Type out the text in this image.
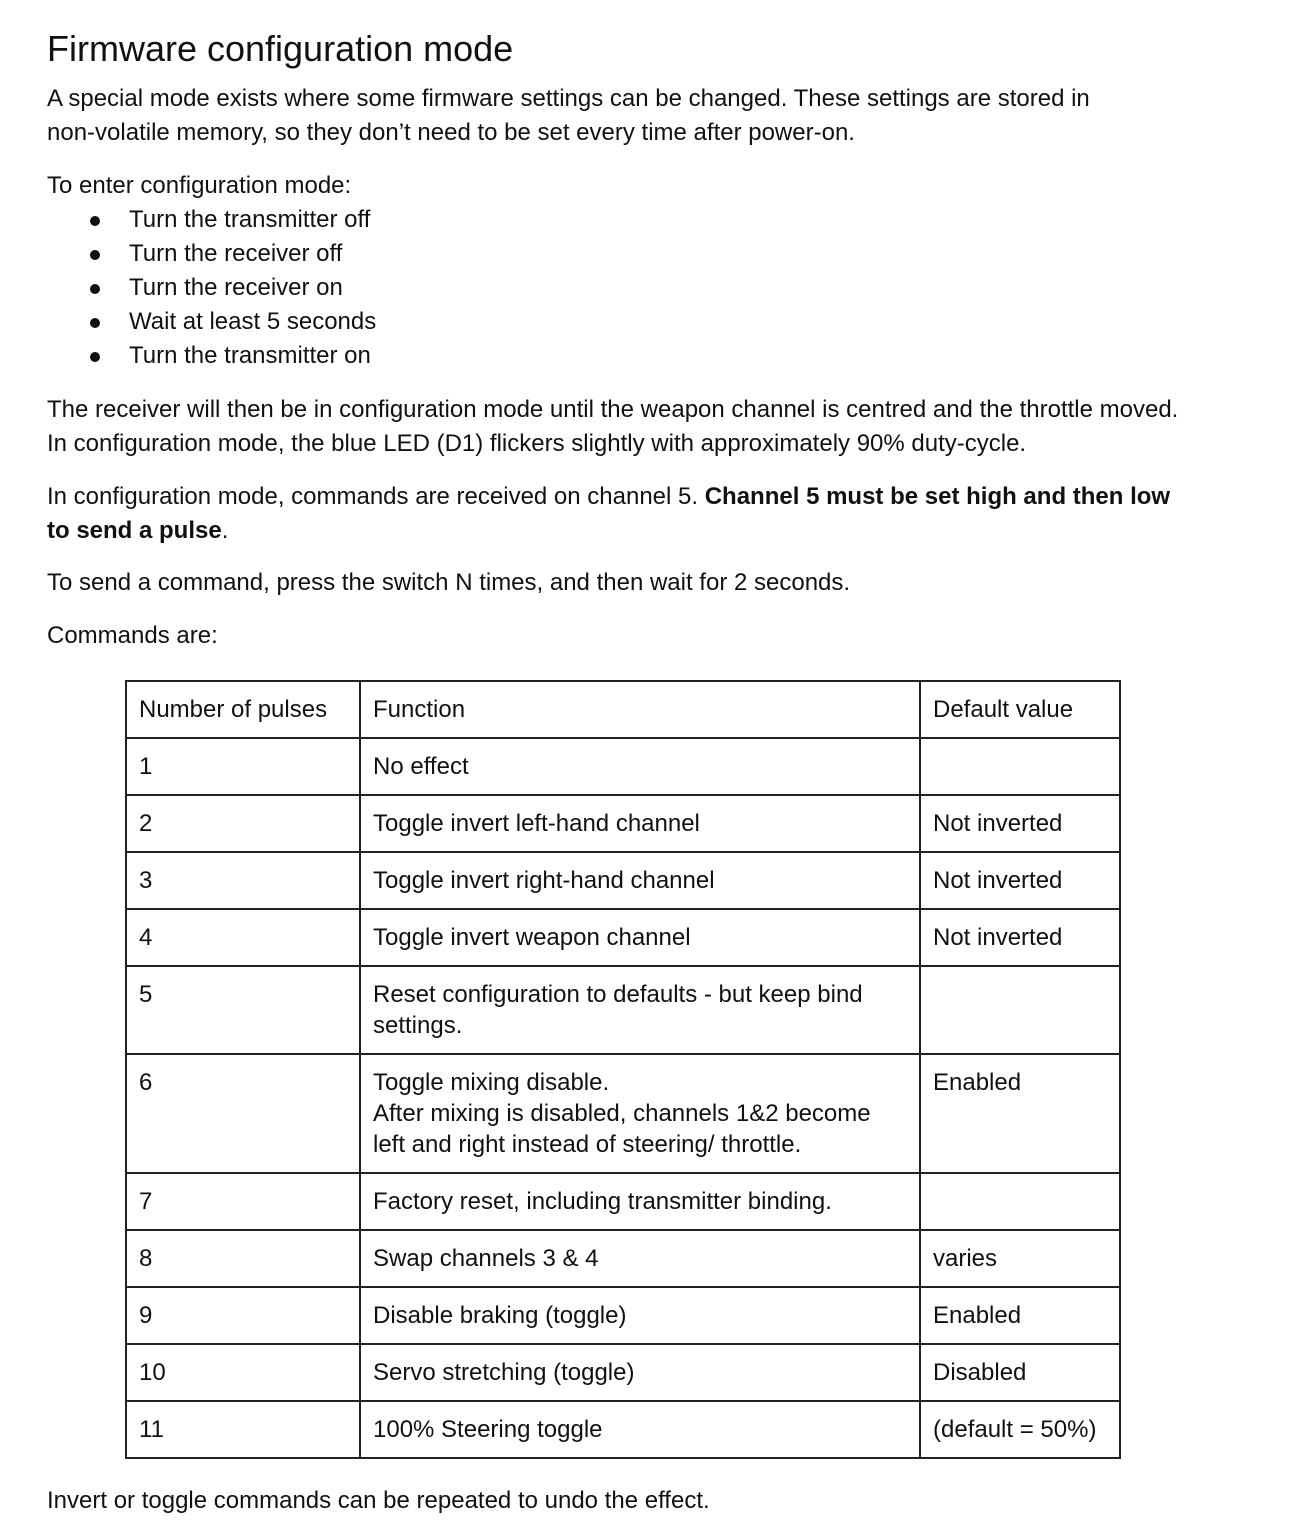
Firmware configuration mode

A special mode exists where some firmware settings can be changed. These settings are stored in
non-volatile memory, so they don’t need to be set every time after power-on.

To enter configuration mode:

Turn the transmitter off
Turn the receiver off
Turn the receiver on
Wait at least 5 seconds
Turn the transmitter on

The receiver will then be in configuration mode until the weapon channel is centred and the throttle moved.
In configuration mode, the blue LED (D1) flickers slightly with approximately 90% duty-cycle.

In configuration mode, commands are received on channel 5. Channel 5 must be set high and then low
to send a pulse.

To send a command, press the switch N times, and then wait for 2 seconds.

Commands are:

Number of pulses	Function	Default value
1	No effect	

2	Toggle invert left-hand channel	Not inverted
3	Toggle invert right-hand channel	Not inverted
4	Toggle invert weapon channel	Not inverted
5	Reset configuration to defaults - but keep bind
settings.	

6	Toggle mixing disable.
After mixing is disabled, channels 1&2 become
left and right instead of steering/ throttle.	Enabled
7	Factory reset, including transmitter binding.	

8	Swap channels 3 & 4	varies
9	Disable braking (toggle)	Enabled
10	Servo stretching (toggle)	Disabled
11	100% Steering toggle	(default = 50%)

Invert or toggle commands can be repeated to undo the effect.
